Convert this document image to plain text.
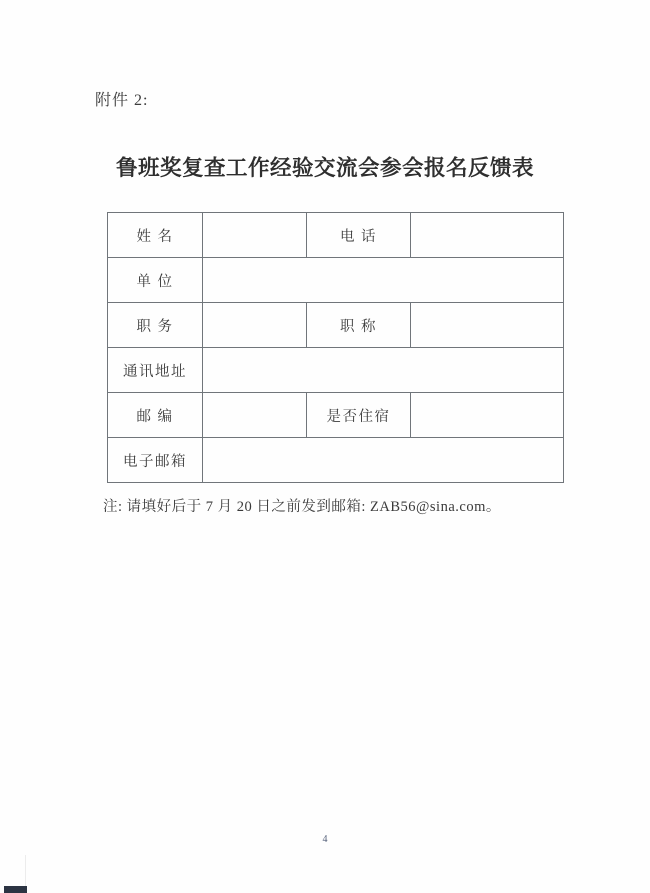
附件 2:
鲁班奖复查工作经验交流会参会报名反馈表
姓 名		电 话	
单 位			
职 务		职 称	
通讯地址			
邮 编		是否住宿	
电子邮箱			
注: 请填好后于 7 月 20 日之前发到邮箱: ZAB56@sina.com。
4
